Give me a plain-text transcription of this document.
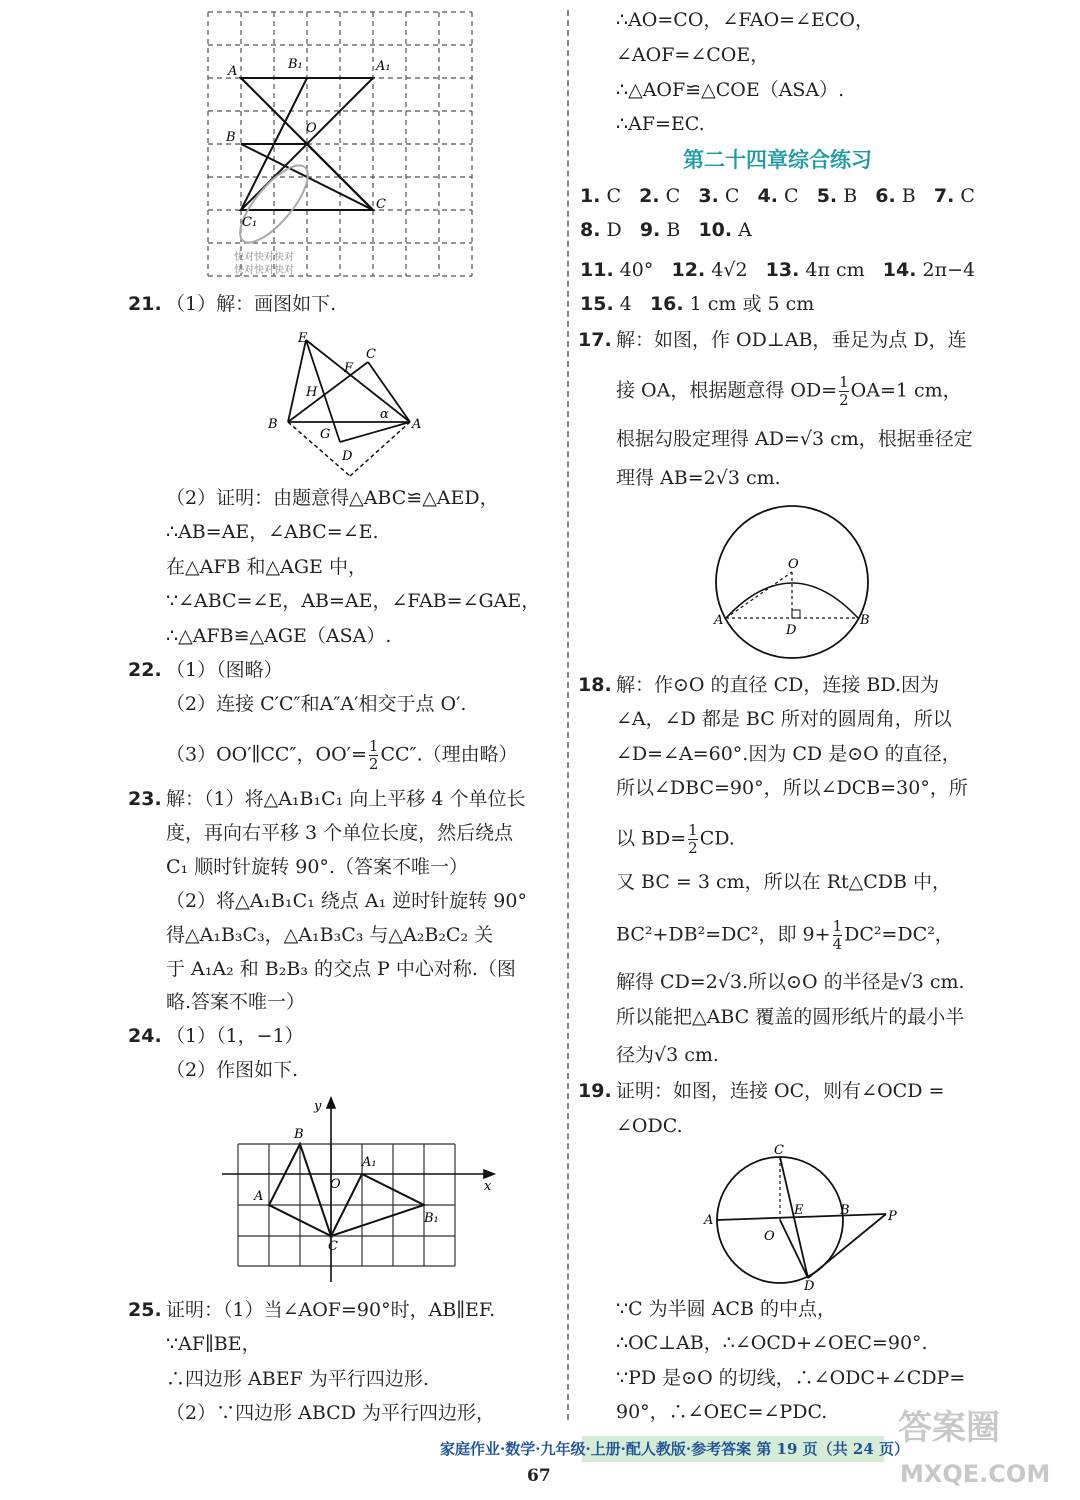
A	B₁	A₁
B
O
C
C₁
快对快对快对
快对快对快对
21. （1）解：画图如下.
E
C
F
H
α
B
G
A
D
（2）证明：由题意得△ABC≌△AED，
∴AB=AE，∠ABC=∠E.
在△AFB 和△AGE 中，
∵∠ABC=∠E，AB=AE，∠FAB=∠GAE，
∴△AFB≌△AGE（ASA）.
22. （1）（图略）
（2）连接 C′C″和A″A′相交于点 O′.
（3）OO′∥CC″，$OO'= \frac{1}{2} CC''$.（理由略）
23. 解：（1）将△A₁B₁C₁ 向上平移 4 个单位长
度，再向右平移 3 个单位长度，然后绕点
C₁ 顺时针旋转 90°.（答案不唯一）
（2）将△A₁B₁C₁ 绕点 A₁ 逆时针旋转 90°
得△A₁B₃C₃，△A₁B₃C₃ 与△A₂B₂C₂ 关
于 A₁A₂ 和 B₂B₃ 的交点 P 中心对称.（图
略.答案不唯一）
24. （1）（1，−1）
（2）作图如下.
y
x
B
A₁
O
A
B₁
C
25. 证明：（1）当∠AOF=90°时，AB∥EF.
∵AF∥BE，
∴四边形 ABEF 为平行四边形.
（2）∵四边形 ABCD 为平行四边形，
∴AO=CO，∠FAO=∠ECO，
∠AOF=∠COE，
∴△AOF≌△COE（ASA）.
∴AF=EC.
第二十四章综合练习
1. C 2. C 3. C 4. C 5. B 6. B 7. C
8. D 9. B 10. A
11. 40° 12. 4√2 13. 4π cm 14. 2π−4
15. 4 16. 1 cm 或 5 cm
17. 解：如图，作 OD⊥AB，垂足为点 D，连
接 OA，根据题意得 $OD= \frac{1}{2} OA=1$ cm，
根据勾股定理得 AD=√3 cm，根据垂径定
理得 AB=2√3 cm.
O
A
D
B
18. 解：作⊙O 的直径 CD，连接 BD.因为
∠A，∠D 都是 BC 所对的圆周角，所以
∠D=∠A=60°.因为 CD 是⊙O 的直径，
所以∠DBC=90°，所以∠DCB=30°，所
以 $BD= \frac{1}{2}$ CD.
又 BC = 3 cm，所以在 Rt△CDB 中，
BC²+DB²=DC²，即 $9+ \frac{1}{4} DC^2=DC^2$，
解得 CD=2√3.所以⊙O 的半径是√3 cm.
所以能把△ABC 覆盖的圆形纸片的最小半
径为√3 cm.
19. 证明：如图，连接 OC，则有∠OCD =
∠ODC.
C
A
E	B	P
O
D
∵C 为半圆 ACB 的中点，
∴OC⊥AB，∴∠OCD+∠OEC=90°.
∵PD 是⊙O 的切线，∴∠ODC+∠CDP=
90°，∴∠OEC=∠PDC.
家庭作业·数学·九年级·上册·配人教版·参考答案 第 19 页（共 24 页）
67
答案圈
MXQE.COM
